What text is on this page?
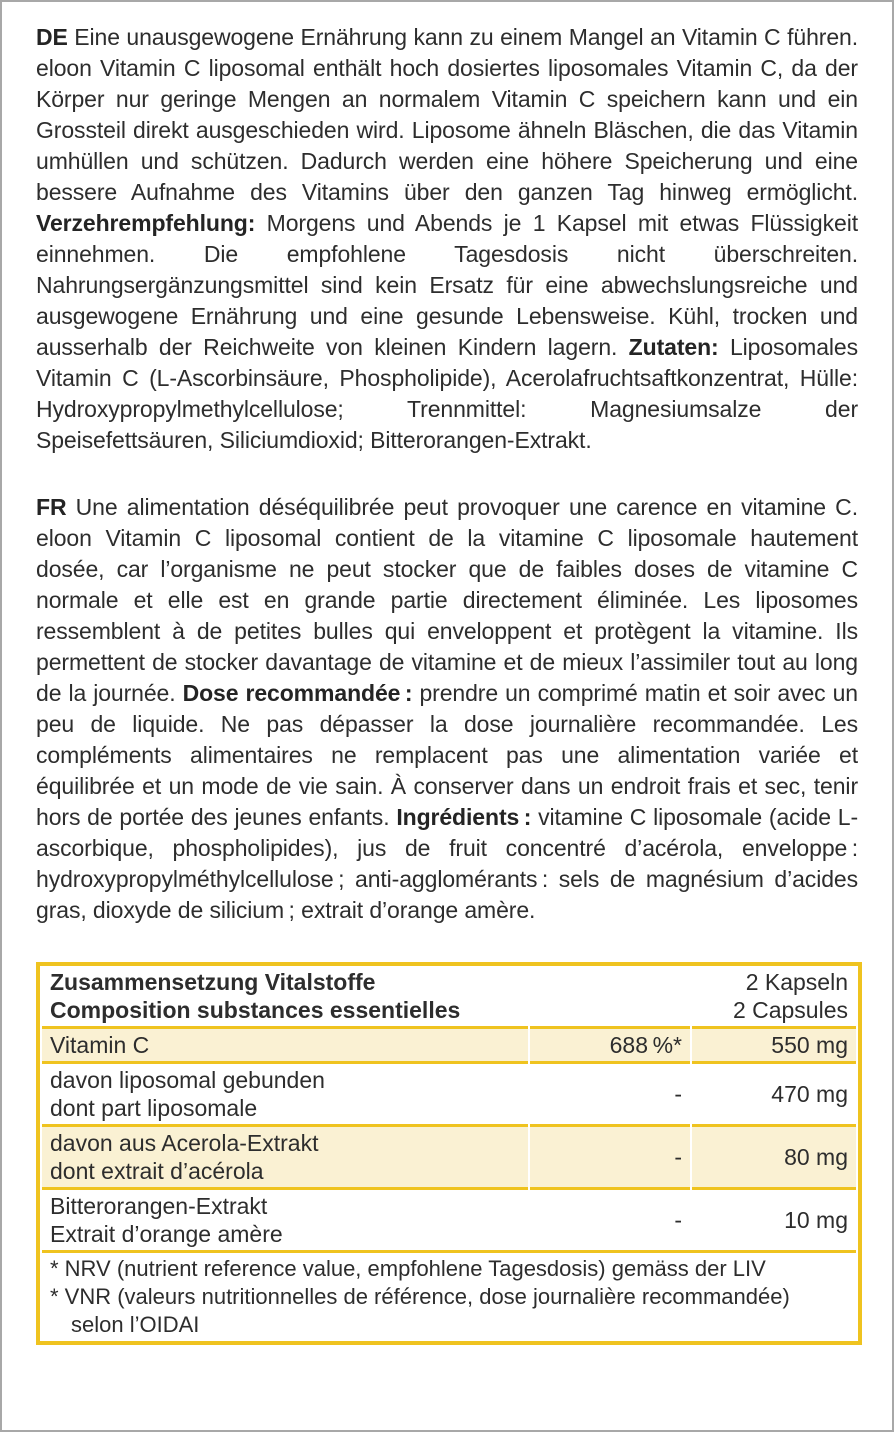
DE Eine unausgewogene Ernährung kann zu einem Mangel an Vitamin C führen. eloon Vitamin C liposomal enthält hoch dosiertes liposomales Vitamin C, da der Körper nur geringe Mengen an normalem Vitamin C speichern kann und ein Grossteil direkt ausgeschieden wird. Liposome ähneln Bläschen, die das Vitamin umhüllen und schützen. Dadurch werden eine höhere Speicherung und eine bessere Aufnahme des Vitamins über den ganzen Tag hinweg ermöglicht. Verzehrempfehlung: Morgens und Abends je 1 Kapsel mit etwas Flüssigkeit einnehmen. Die empfohlene Tagesdosis nicht überschreiten. Nahrungsergänzungsmittel sind kein Ersatz für eine abwechslungsreiche und ausgewogene Ernährung und eine gesunde Lebensweise. Kühl, trocken und ausserhalb der Reichweite von kleinen Kindern lagern. Zutaten: Liposomales Vitamin C (L-Ascorbinsäure, Phospholipide), Acerolafruchtsaftkonzentrat, Hülle: Hydroxypropylmethylcellulose; Trennmittel: Magnesiumsalze der Speisefettsäuren, Siliciumdioxid; Bitterorangen-Extrakt.

FR Une alimentation déséquilibrée peut provoquer une carence en vitamine C. eloon Vitamin C liposomal contient de la vitamine C liposomale hautement dosée, car l’organisme ne peut stocker que de faibles doses de vitamine C normale et elle est en grande partie directement éliminée. Les liposomes ressemblent à de petites bulles qui enveloppent et protègent la vitamine. Ils permettent de stocker davantage de vitamine et de mieux l’assimiler tout au long de la journée. Dose recommandée : prendre un comprimé matin et soir avec un peu de liquide. Ne pas dépasser la dose journalière recommandée. Les compléments alimentaires ne remplacent pas une alimentation variée et équilibrée et un mode de vie sain. À conserver dans un endroit frais et sec, tenir hors de portée des jeunes enfants. Ingrédients : vitamine C liposomale (acide L-ascorbique, phospholipides), jus de fruit concentré d’acérola, enveloppe : hydroxypropylméthylcellulose ; anti-agglomérants : sels de magnésium d’acides gras, dioxyde de silicium ; extrait d’orange amère.

Zusammensetzung Vitalstoffe
Composition substances essentielles

2 Kapseln
2 Capsules

Vitamin C	688 %*	550 mg

davon liposomal gebunden
dont part liposomale	-	470 mg

davon aus Acerola-Extrakt
dont extrait d’acérola	-	80 mg

Bitterorangen-Extrakt
Extrait d’orange amère	-	10 mg

* NRV (nutrient reference value, empfohlene Tagesdosis) gemäss der LIV
* VNR (valeurs nutritionnelles de référence, dose journalière recommandée) selon l’OIDAI		
